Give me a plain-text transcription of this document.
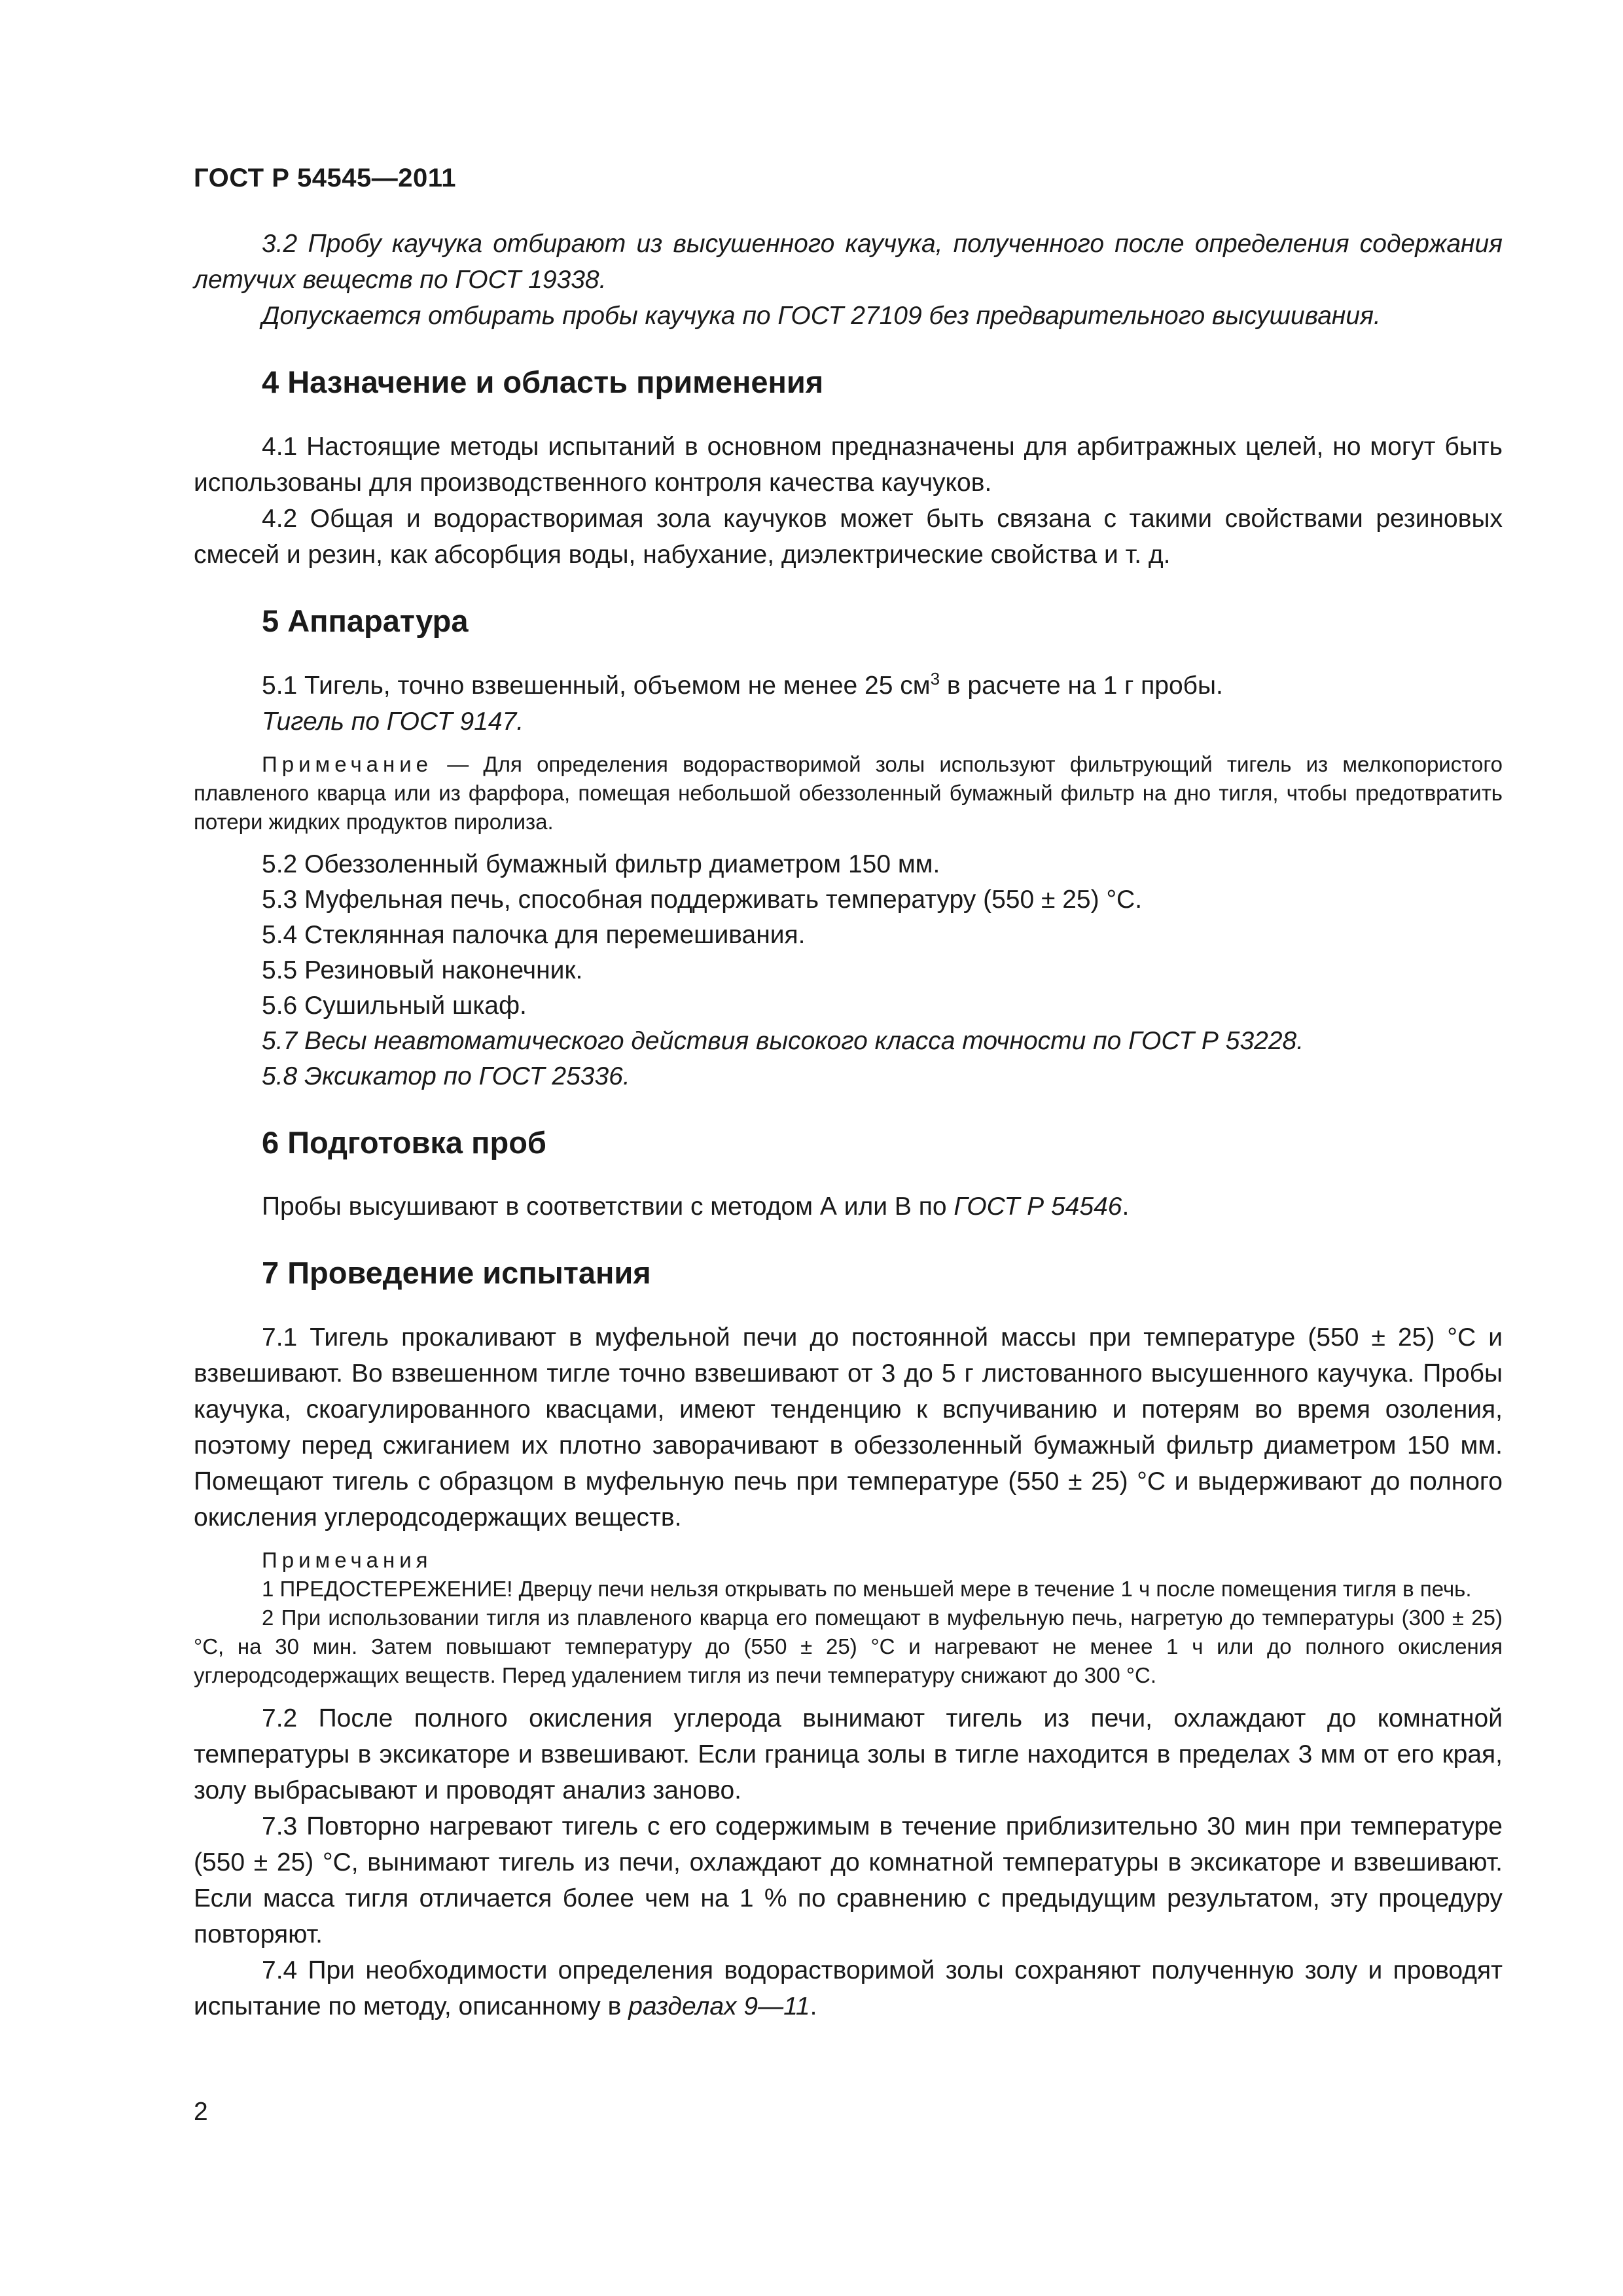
ГОСТ Р 54545—2011

3.2 Пробу каучука отбирают из высушенного каучука, полученного после определения содержания летучих веществ по ГОСТ 19338.

Допускается отбирать пробы каучука по ГОСТ 27109 без предварительного высушивания.

4 Назначение и область применения

4.1 Настоящие методы испытаний в основном предназначены для арбитражных целей, но могут быть использованы для производственного контроля качества каучуков.

4.2 Общая и водорастворимая зола каучуков может быть связана с такими свойствами резиновых смесей и резин, как абсорбция воды, набухание, диэлектрические свойства и т. д.

5 Аппаратура

5.1 Тигель, точно взвешенный, объемом не менее 25 $см^3$ в расчете на 1 г пробы.

Тигель по ГОСТ 9147.

Примечание — Для определения водорастворимой золы используют фильтрующий тигель из мелкопористого плавленого кварца или из фарфора, помещая небольшой обеззоленный бумажный фильтр на дно тигля, чтобы предотвратить потери жидких продуктов пиролиза.

5.2 Обеззоленный бумажный фильтр диаметром 150 мм.

5.3 Муфельная печь, способная поддерживать температуру (550 ± 25) °С.

5.4 Стеклянная палочка для перемешивания.

5.5 Резиновый наконечник.

5.6 Сушильный шкаф.

5.7 Весы неавтоматического действия высокого класса точности по ГОСТ Р 53228.

5.8 Эксикатор по ГОСТ 25336.

6 Подготовка проб

Пробы высушивают в соответствии с методом А или В по ГОСТ Р 54546.

7 Проведение испытания

7.1 Тигель прокаливают в муфельной печи до постоянной массы при температуре (550 ± 25) °С и взвешивают. Во взвешенном тигле точно взвешивают от 3 до 5 г листованного высушенного каучука. Пробы каучука, скоагулированного квасцами, имеют тенденцию к вспучиванию и потерям во время озоления, поэтому перед сжиганием их плотно заворачивают в обеззоленный бумажный фильтр диаметром 150 мм. Помещают тигель с образцом в муфельную печь при температуре (550 ± 25) °С и выдерживают до полного окисления углеродсодержащих веществ.

Примечания

1 ПРЕДОСТЕРЕЖЕНИЕ! Дверцу печи нельзя открывать по меньшей мере в течение 1 ч после помещения тигля в печь.

2 При использовании тигля из плавленого кварца его помещают в муфельную печь, нагретую до температуры (300 ± 25) °С, на 30 мин. Затем повышают температуру до (550 ± 25) °С и нагревают не менее 1 ч или до полного окисления углеродсодержащих веществ. Перед удалением тигля из печи температуру снижают до 300 °С.

7.2 После полного окисления углерода вынимают тигель из печи, охлаждают до комнатной температуры в эксикаторе и взвешивают. Если граница золы в тигле находится в пределах 3 мм от его края, золу выбрасывают и проводят анализ заново.

7.3 Повторно нагревают тигель с его содержимым в течение приблизительно 30 мин при температуре (550 ± 25) °С, вынимают тигель из печи, охлаждают до комнатной температуры в эксикаторе и взвешивают. Если масса тигля отличается более чем на 1 % по сравнению с предыдущим результатом, эту процедуру повторяют.

7.4 При необходимости определения водорастворимой золы сохраняют полученную золу и проводят испытание по методу, описанному в разделах 9—11.

2
